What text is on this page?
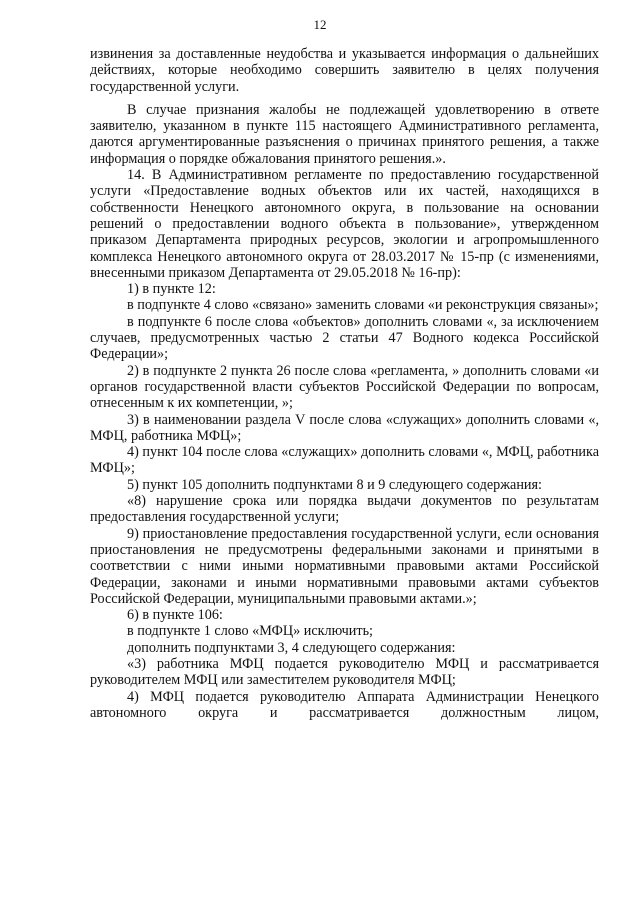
12

извинения за доставленные неудобства и указывается информация о дальнейших действиях, которые необходимо совершить заявителю в целях получения государственной услуги.

В случае признания жалобы не подлежащей удовлетворению в ответе заявителю, указанном в пункте 115 настоящего Административного регламента, даются аргументированные разъяснения о причинах принятого решения, а также информация о порядке обжалования принятого решения.».

14. В Административном регламенте по предоставлению государственной услуги «Предоставление водных объектов или их частей, находящихся в собственности Ненецкого автономного округа, в пользование на основании решений о предоставлении водного объекта в пользование», утвержденном приказом Департамента природных ресурсов, экологии и агропромышленного комплекса Ненецкого автономного округа от 28.03.2017 № 15-пр (с изменениями, внесенными приказом Департамента от 29.05.2018 № 16-пр):

1) в пункте 12:

в подпункте 4 слово «связано» заменить словами «и реконструкция связаны»;

в подпункте 6 после слова «объектов» дополнить словами «, за исключением случаев, предусмотренных частью 2 статьи 47 Водного кодекса Российской Федерации»;

2) в подпункте 2 пункта 26 после слова «регламента, » дополнить словами «и органов государственной власти субъектов Российской Федерации по вопросам, отнесенным к их компетенции, »;

3) в наименовании раздела V после слова «служащих» дополнить словами «, МФЦ, работника МФЦ»;

4) пункт 104 после слова «служащих» дополнить словами «, МФЦ, работника МФЦ»;

5) пункт 105 дополнить подпунктами 8 и 9 следующего содержания:

«8) нарушение срока или порядка выдачи документов по результатам предоставления государственной услуги;

9) приостановление предоставления государственной услуги, если основания приостановления не предусмотрены федеральными законами и принятыми в соответствии с ними иными нормативными правовыми актами Российской Федерации, законами и иными нормативными правовыми актами субъектов Российской Федерации, муниципальными правовыми актами.»;

6) в пункте 106:

в подпункте 1 слово «МФЦ» исключить;

дополнить подпунктами 3, 4 следующего содержания:

«3) работника МФЦ подается руководителю МФЦ и рассматривается руководителем МФЦ или заместителем руководителя МФЦ;

4) МФЦ подается руководителю Аппарата Администрации Ненецкого автономного округа и рассматривается должностным лицом,
